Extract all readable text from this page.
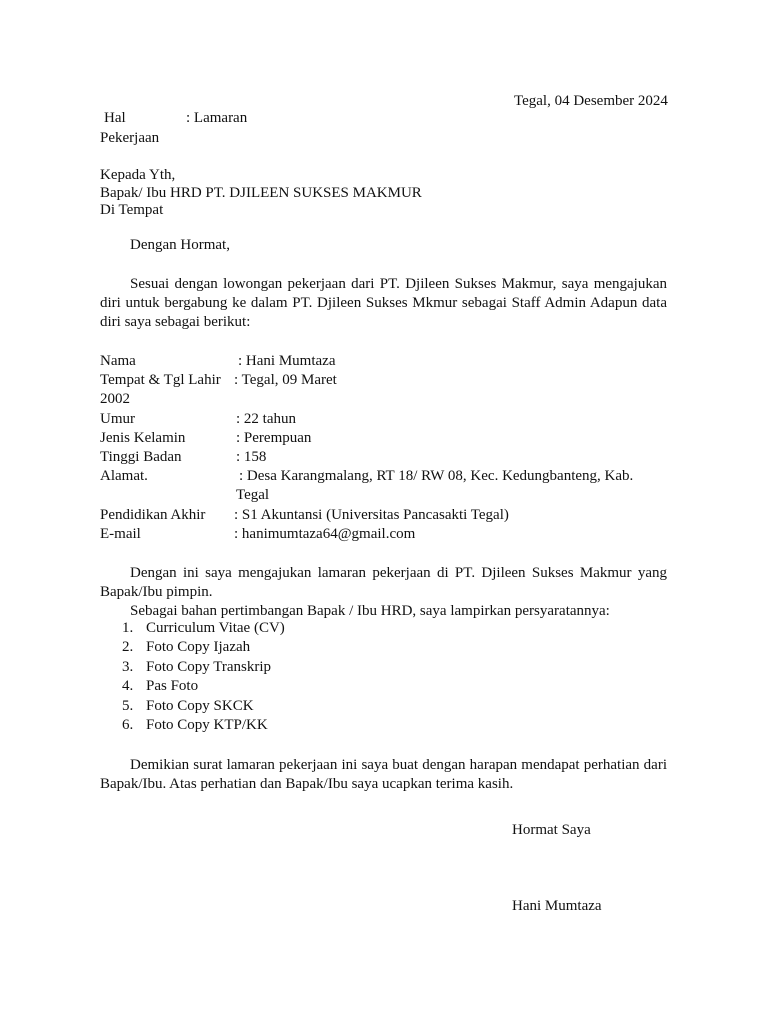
Tegal, 04 Desember 2024
Hal	: Lamaran
Pekerjaan
Kepada Yth,
Bapak/ Ibu HRD PT. DJILEEN SUKSES MAKMUR
Di Tempat
Dengan Hormat,
Sesuai dengan lowongan pekerjaan dari PT. Djileen Sukses Makmur, saya mengajukan diri untuk bergabung ke dalam PT. Djileen Sukses Mkmur sebagai Staff Admin Adapun data diri saya sebagai berikut:
Nama	: Hani Mumtaza
Tempat & Tgl Lahir : Tegal, 09 Maret
2002
Umur	: 22 tahun
Jenis Kelamin	: Perempuan
Tinggi Badan	: 158
Alamat.	: Desa Karangmalang, RT 18/ RW 08, Kec. Kedungbanteng, Kab.
Tegal
Pendidikan Akhir : S1 Akuntansi (Universitas Pancasakti Tegal)
E-mail	: hanimumtaza64@gmail.com
Dengan ini saya mengajukan lamaran pekerjaan di PT. Djileen Sukses Makmur yang Bapak/Ibu pimpin.
Sebagai bahan pertimbangan Bapak / Ibu HRD, saya lampirkan persyaratannya:
1. Curriculum Vitae (CV)
2. Foto Copy Ijazah
3. Foto Copy Transkrip
4. Pas Foto
5. Foto Copy SKCK
6. Foto Copy KTP/KK
Demikian surat lamaran pekerjaan ini saya buat dengan harapan mendapat perhatian dari Bapak/Ibu. Atas perhatian dan Bapak/Ibu saya ucapkan terima kasih.
Hormat Saya
Hani Mumtaza
